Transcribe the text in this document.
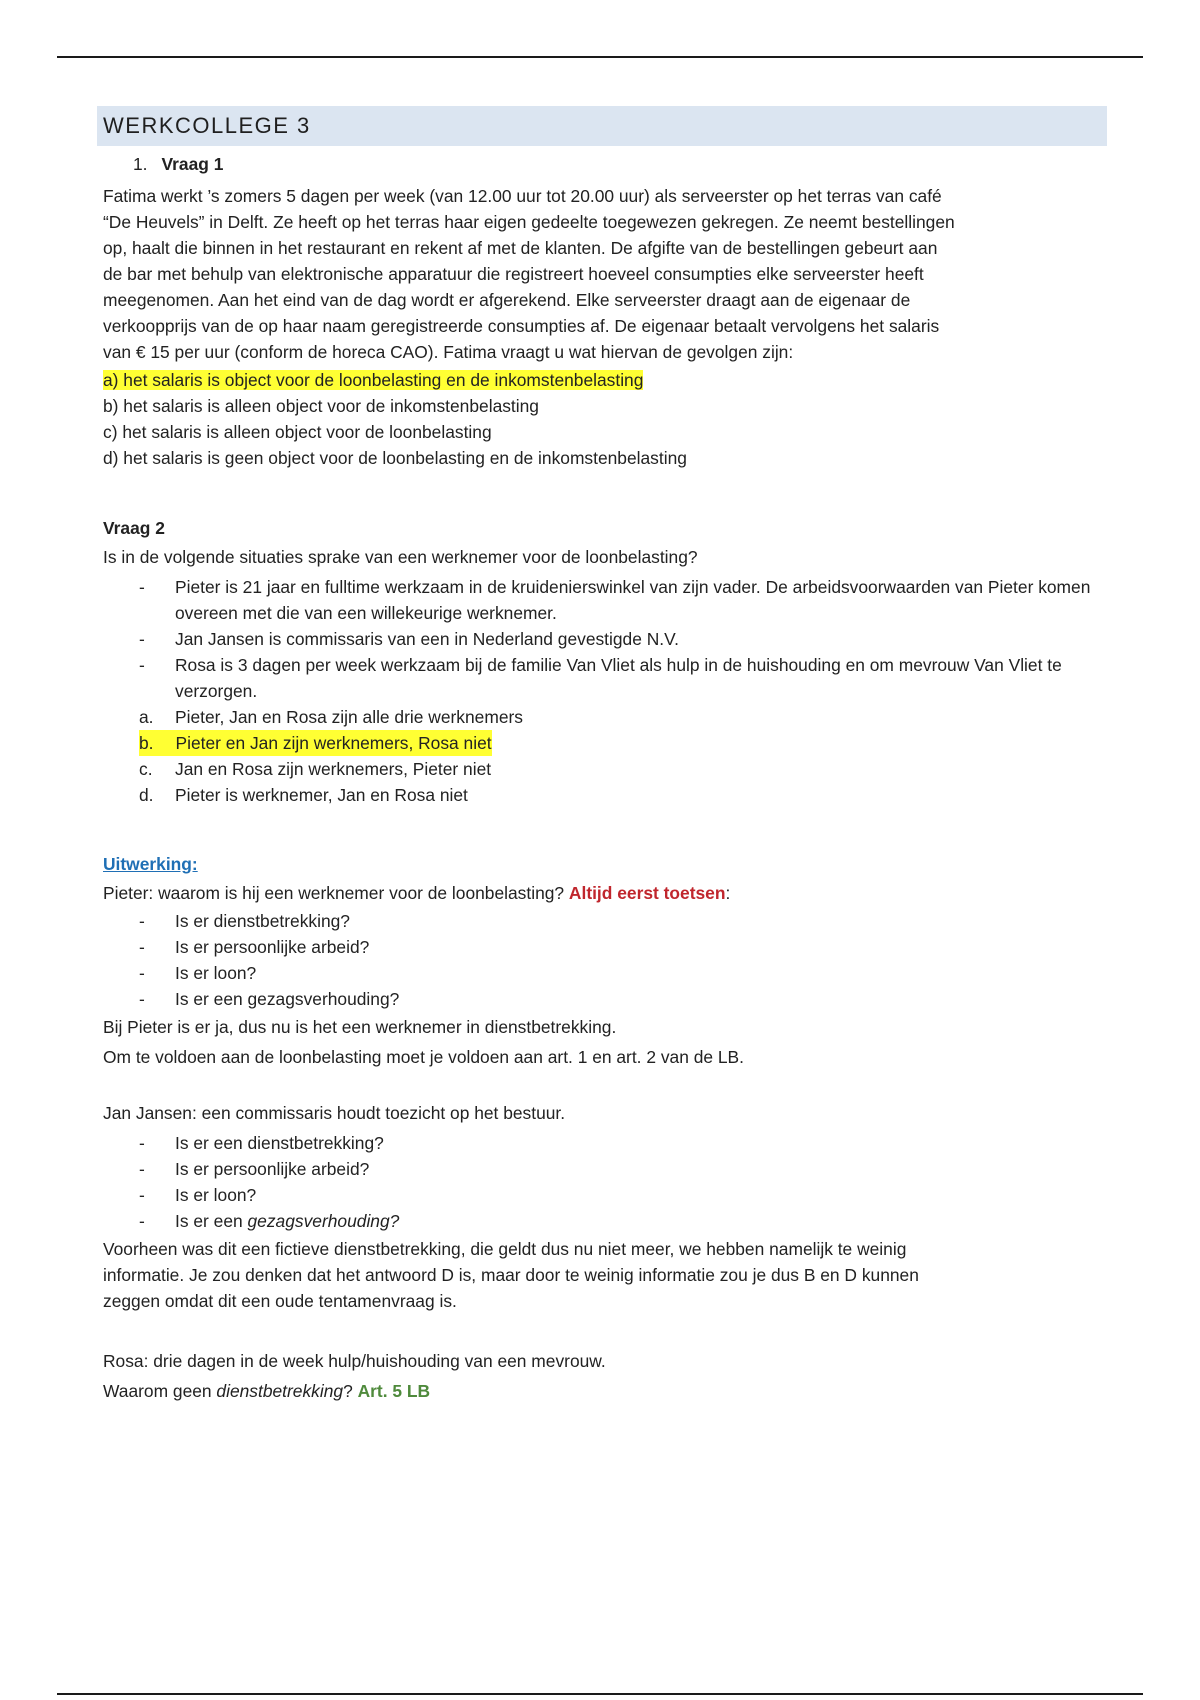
WERKCOLLEGE 3
1. Vraag 1
Fatima werkt ’s zomers 5 dagen per week (van 12.00 uur tot 20.00 uur) als serveerster op het terras van café
“De Heuvels” in Delft. Ze heeft op het terras haar eigen gedeelte toegewezen gekregen. Ze neemt bestellingen
op, haalt die binnen in het restaurant en rekent af met de klanten. De afgifte van de bestellingen gebeurt aan
de bar met behulp van elektronische apparatuur die registreert hoeveel consumpties elke serveerster heeft
meegenomen. Aan het eind van de dag wordt er afgerekend. Elke serveerster draagt aan de eigenaar de
verkoopprijs van de op haar naam geregistreerde consumpties af. De eigenaar betaalt vervolgens het salaris
van € 15 per uur (conform de horeca CAO). Fatima vraagt u wat hiervan de gevolgen zijn:
a) het salaris is object voor de loonbelasting en de inkomstenbelasting
b) het salaris is alleen object voor de inkomstenbelasting
c) het salaris is alleen object voor de loonbelasting
d) het salaris is geen object voor de loonbelasting en de inkomstenbelasting
Vraag 2
Is in de volgende situaties sprake van een werknemer voor de loonbelasting?
- Pieter is 21 jaar en fulltime werkzaam in de kruidenierswinkel van zijn vader. De arbeidsvoorwaarden van Pieter komen overeen met die van een willekeurige werknemer.
- Jan Jansen is commissaris van een in Nederland gevestigde N.V.
- Rosa is 3 dagen per week werkzaam bij de familie Van Vliet als hulp in de huishouding en om mevrouw Van Vliet te verzorgen.
a. Pieter, Jan en Rosa zijn alle drie werknemers
b. Pieter en Jan zijn werknemers, Rosa niet

c. Jan en Rosa zijn werknemers, Pieter niet
d. Pieter is werknemer, Jan en Rosa niet
Uitwerking:
Pieter: waarom is hij een werknemer voor de loonbelasting? Altijd eerst toetsen:
- Is er dienstbetrekking?
- Is er persoonlijke arbeid?
- Is er loon?
- Is er een gezagsverhouding?
Bij Pieter is er ja, dus nu is het een werknemer in dienstbetrekking.
Om te voldoen aan de loonbelasting moet je voldoen aan art. 1 en art. 2 van de LB.
Jan Jansen: een commissaris houdt toezicht op het bestuur.
- Is er een dienstbetrekking?
- Is er persoonlijke arbeid?
- Is er loon?
- Is er een gezagsverhouding?
Voorheen was dit een fictieve dienstbetrekking, die geldt dus nu niet meer, we hebben namelijk te weinig
informatie. Je zou denken dat het antwoord D is, maar door te weinig informatie zou je dus B en D kunnen
zeggen omdat dit een oude tentamenvraag is.
Rosa: drie dagen in de week hulp/huishouding van een mevrouw.
Waarom geen dienstbetrekking? Art. 5 LB
